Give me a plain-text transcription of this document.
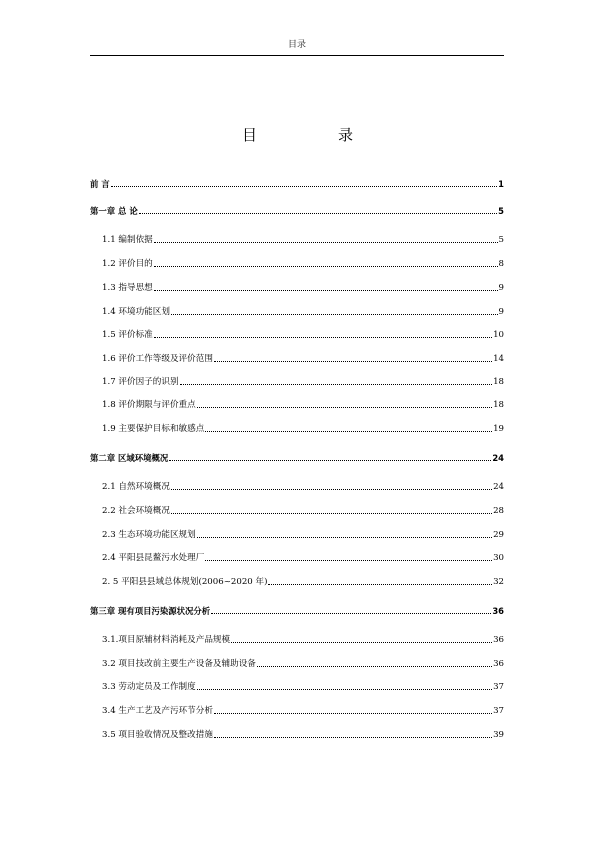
目录
目	录
前 言	1
第一章 总 论	5
1.1 编制依据	5
1.2 评价目的	8
1.3 指导思想	9
1.4 环境功能区划	9
1.5 评价标准	10
1.6 评价工作等级及评价范围	14
1.7 评价因子的识别	18
1.8 评价期限与评价重点	18
1.9 主要保护目标和敏感点	19
第二章 区域环境概况	24
2.1 自然环境概况	24
2.2 社会环境概况	28
2.3 生态环境功能区规划	29
2.4 平阳县昆鳌污水处理厂	30
2. 5 平阳县县域总体规划(2006~2020 年)	32
第三章 现有项目污染源状况分析	36
3.1.项目原辅材料消耗及产品规模	36
3.2 项目技改前主要生产设备及辅助设备	36
3.3 劳动定员及工作制度	37
3.4 生产工艺及产污环节分析	37
3.5 项目验收情况及整改措施	39
